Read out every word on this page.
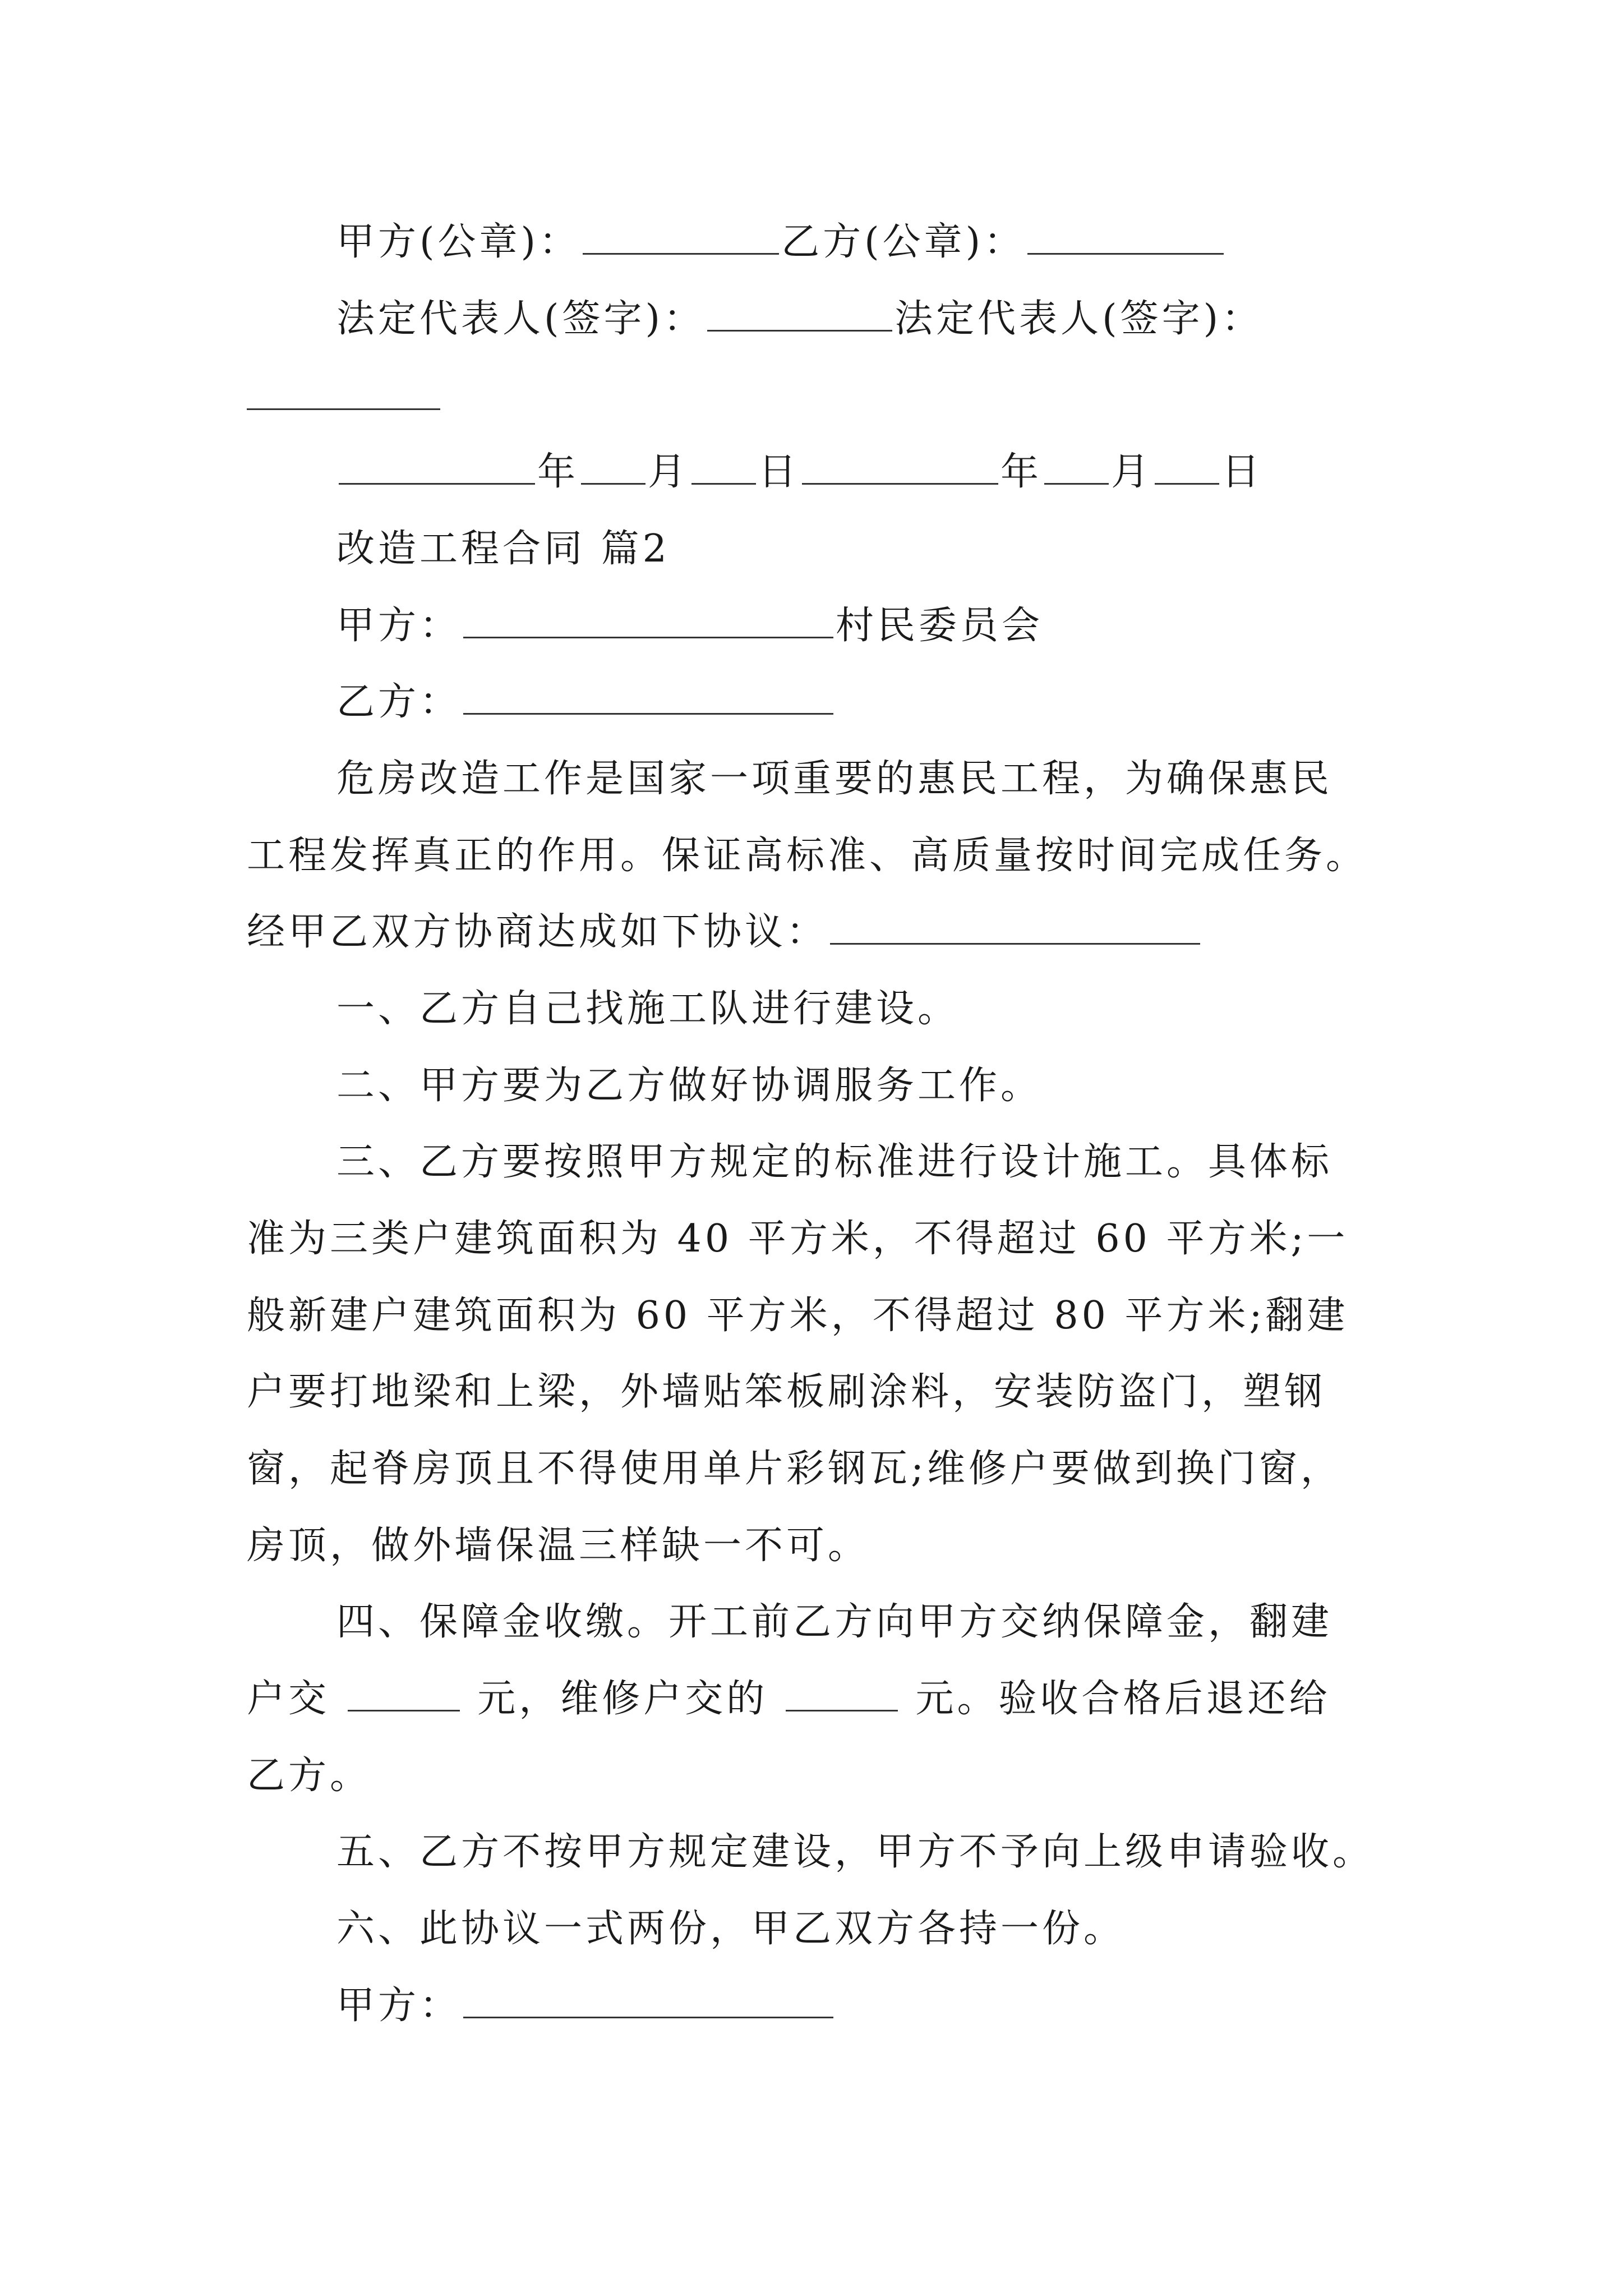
甲方(公章)：	乙方(公章)：
法定代表人(签字)：	法定代表人(签字)：
年 月 日	年 月 日
改造工程合同 篇2
甲方：	村民委员会
乙方：
危房改造工作是国家一项重要的惠民工程，为确保惠民
工程发挥真正的作用。保证高标准、高质量按时间完成任务。
经甲乙双方协商达成如下协议：
一、乙方自己找施工队进行建设。
二、甲方要为乙方做好协调服务工作。
三、乙方要按照甲方规定的标准进行设计施工。具体标
准为三类户建筑面积为 40 平方米，不得超过 60 平方米;一
般新建户建筑面积为 60 平方米，不得超过 80 平方米;翻建
户要打地梁和上梁，外墙贴笨板刷涂料，安装防盗门，塑钢
窗，起脊房顶且不得使用单片彩钢瓦;维修户要做到换门窗，
房顶，做外墙保温三样缺一不可。
四、保障金收缴。开工前乙方向甲方交纳保障金，翻建
户交	元，维修户交的	元。验收合格后退还给
乙方。
五、乙方不按甲方规定建设，甲方不予向上级申请验收。
六、此协议一式两份，甲乙双方各持一份。
甲方：
